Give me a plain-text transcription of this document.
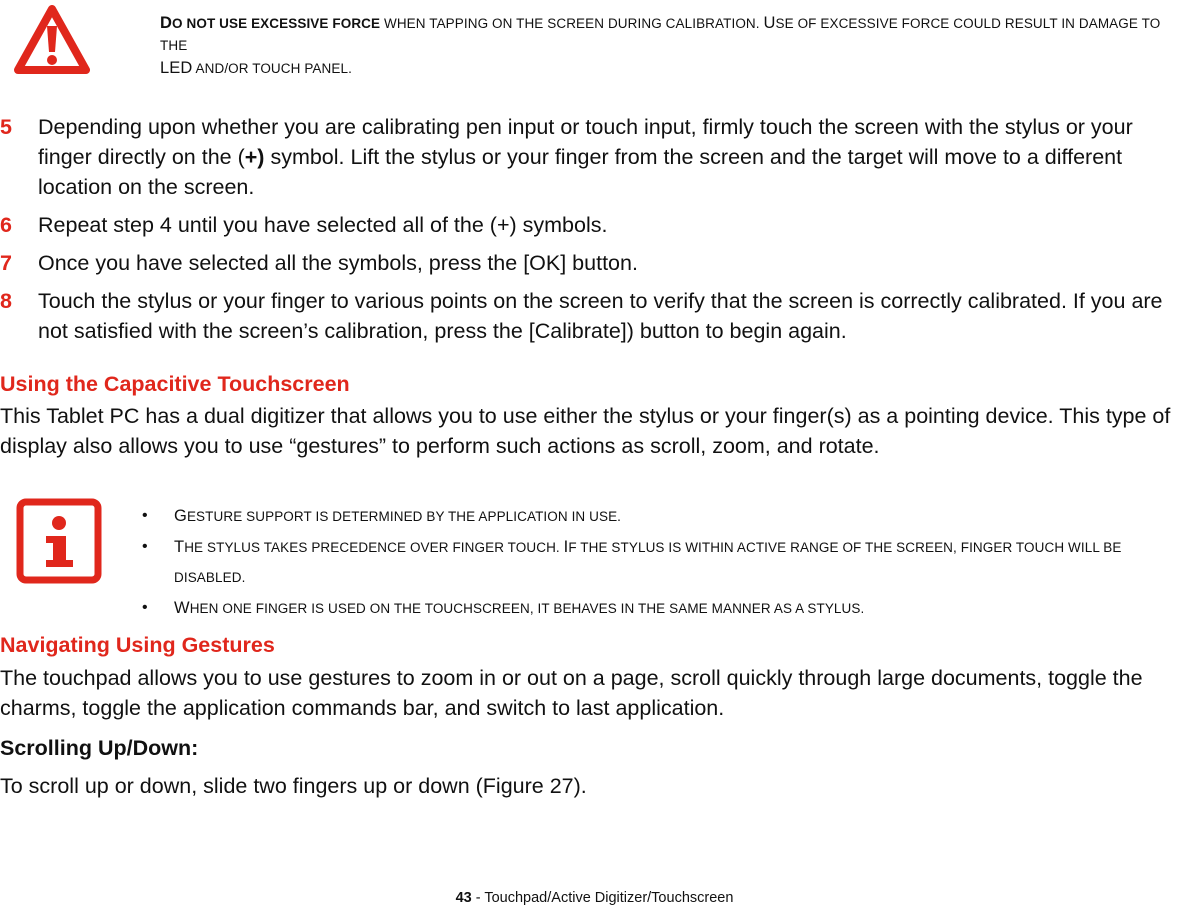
DO NOT USE EXCESSIVE FORCE WHEN TAPPING ON THE SCREEN DURING CALIBRATION. USE OF EXCESSIVE FORCE COULD RESULT IN DAMAGE TO THE
LED AND/OR TOUCH PANEL.
5 Depending upon whether you are calibrating pen input or touch input, firmly touch the screen with the stylus or your finger directly on the (+) symbol. Lift the stylus or your finger from the screen and the target will move to a different location on the screen.
6 Repeat step 4 until you have selected all of the (+) symbols.
7 Once you have selected all the symbols, press the [OK] button.
8 Touch the stylus or your finger to various points on the screen to verify that the screen is correctly calibrated. If you are not satisfied with the screen’s calibration, press the [Calibrate]) button to begin again.
Using the Capacitive Touchscreen
This Tablet PC has a dual digitizer that allows you to use either the stylus or your finger(s) as a pointing device. This type of display also allows you to use “gestures” to perform such actions as scroll, zoom, and rotate.
• GESTURE SUPPORT IS DETERMINED BY THE APPLICATION IN USE.
• THE STYLUS TAKES PRECEDENCE OVER FINGER TOUCH. IF THE STYLUS IS WITHIN ACTIVE RANGE OF THE SCREEN, FINGER TOUCH WILL BE DISABLED.
• WHEN ONE FINGER IS USED ON THE TOUCHSCREEN, IT BEHAVES IN THE SAME MANNER AS A STYLUS.
Navigating Using Gestures
The touchpad allows you to use gestures to zoom in or out on a page, scroll quickly through large documents, toggle the charms, toggle the application commands bar, and switch to last application.
Scrolling Up/Down:
To scroll up or down, slide two fingers up or down (Figure 27).
43 - Touchpad/Active Digitizer/Touchscreen
